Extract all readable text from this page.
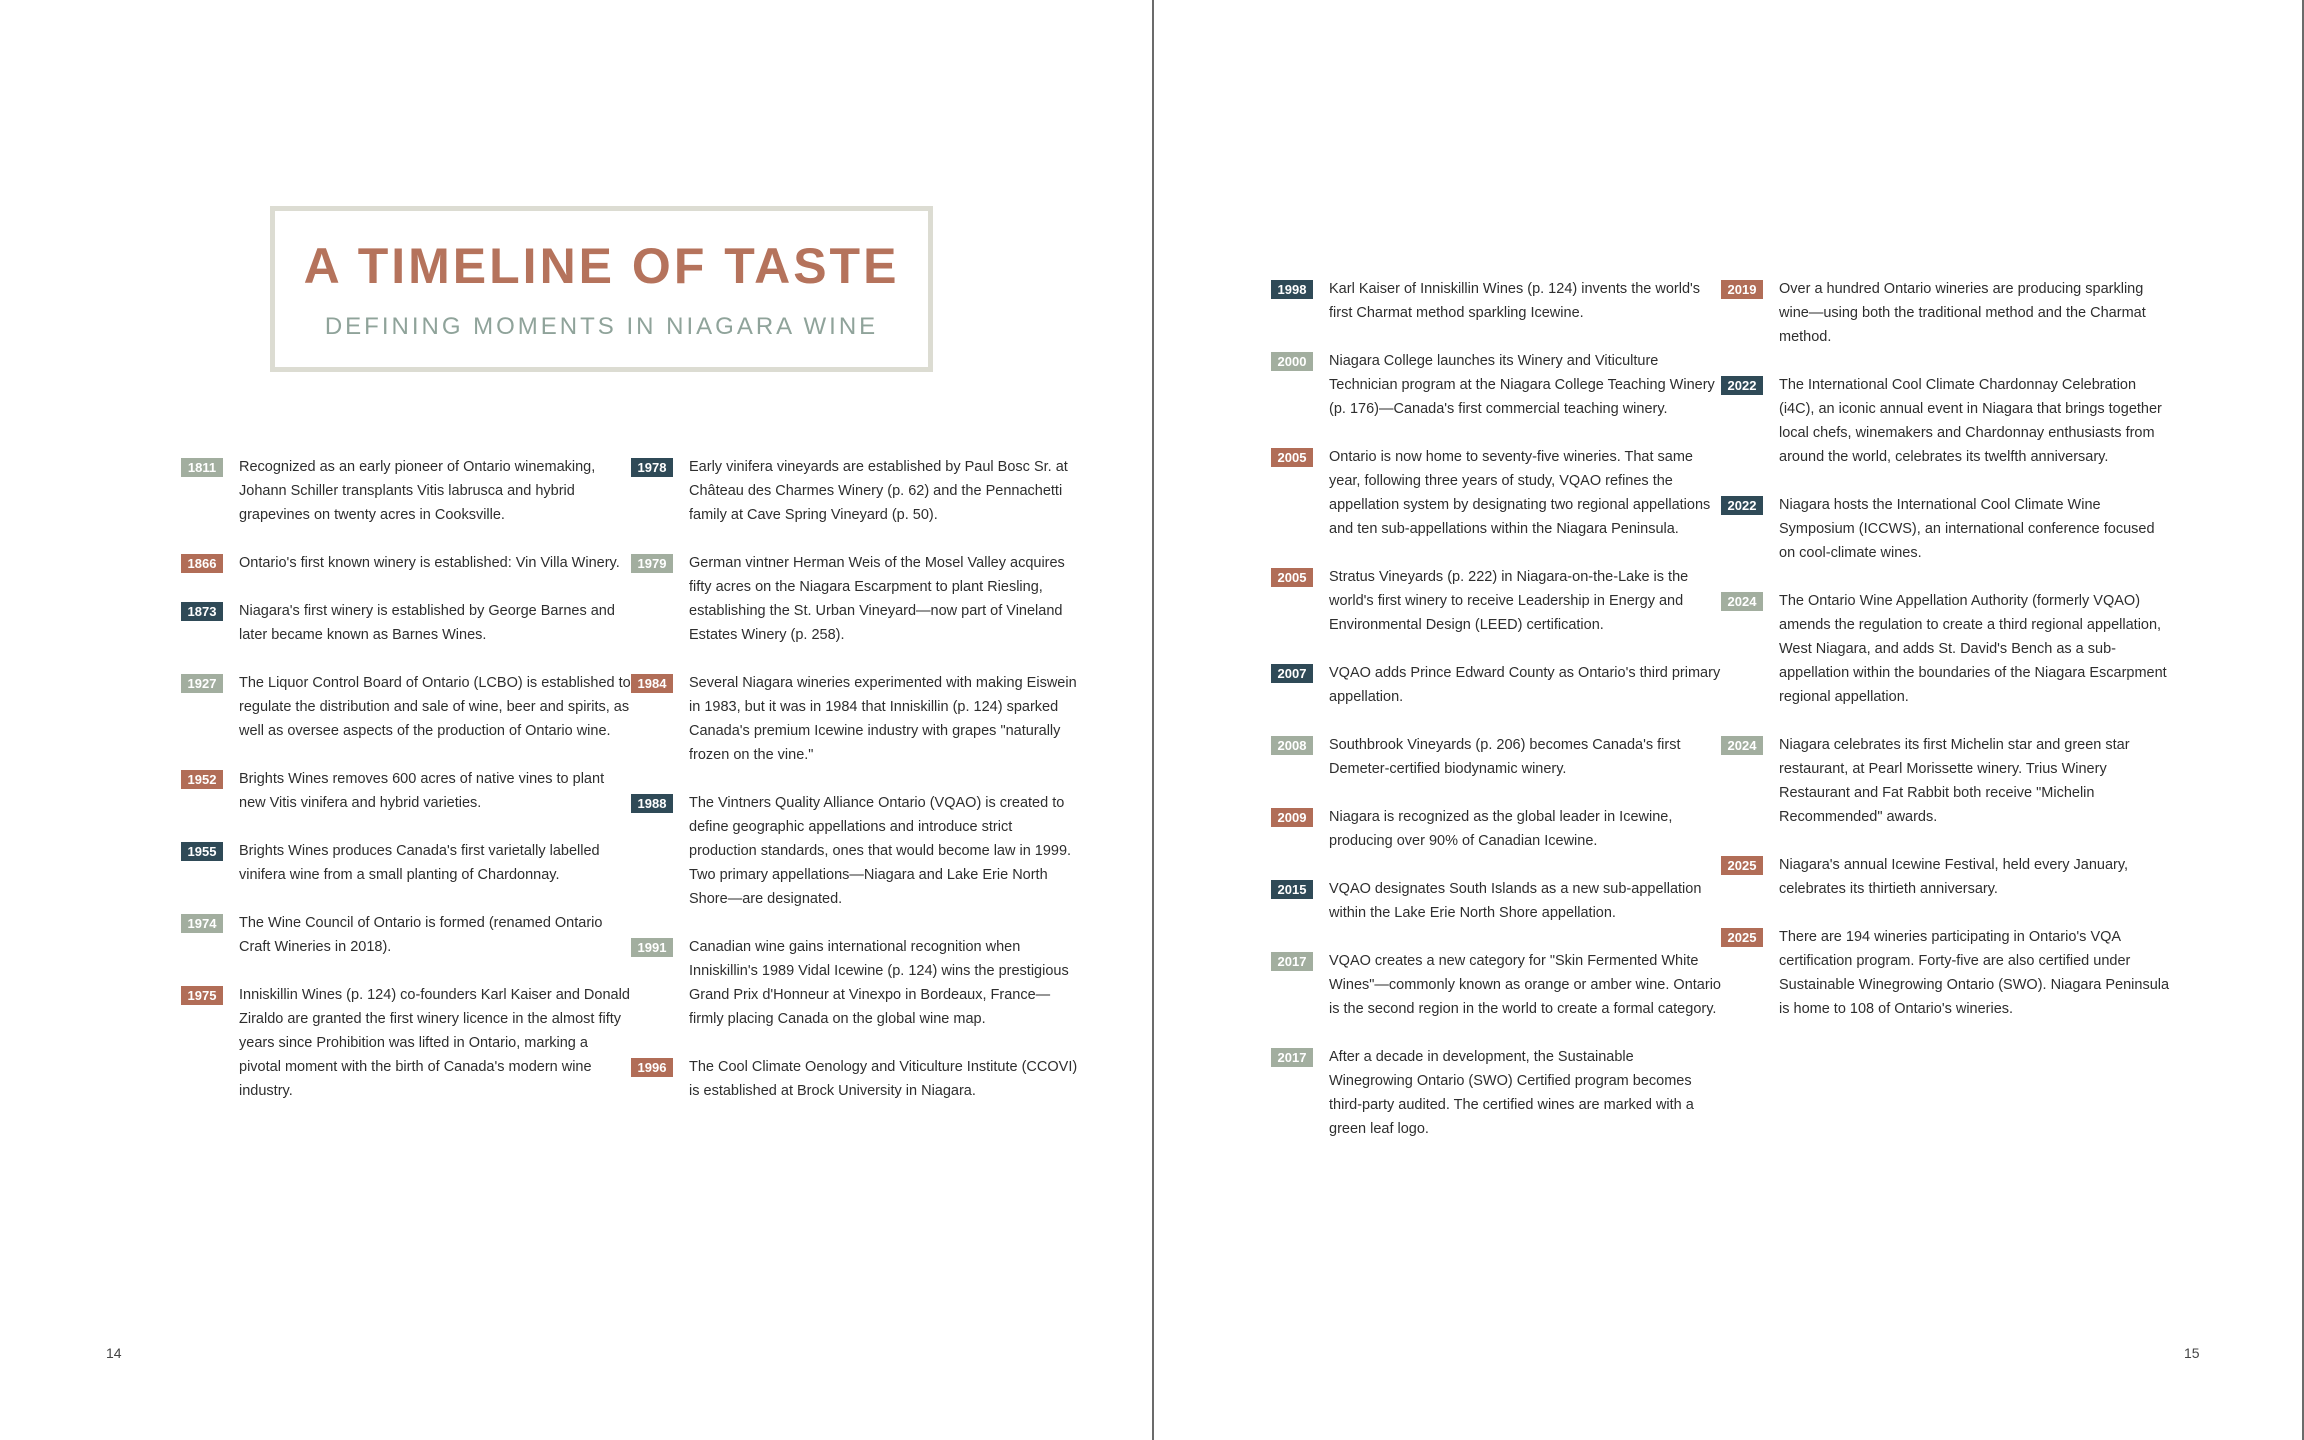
A TIMELINE OF TASTE
DEFINING MOMENTS IN NIAGARA WINE
1811	Recognized as an early pioneer of Ontario winemaking, Johann Schiller transplants Vitis labrusca and hybrid grapevines on twenty acres in Cooksville.
1866	Ontario's first known winery is established: Vin Villa Winery.
1873	Niagara's first winery is established by George Barnes and later became known as Barnes Wines.
1927	The Liquor Control Board of Ontario (LCBO) is established to regulate the distribution and sale of wine, beer and spirits, as well as oversee aspects of the production of Ontario wine.
1952	Brights Wines removes 600 acres of native vines to plant new Vitis vinifera and hybrid varieties.
1955	Brights Wines produces Canada's first varietally labelled vinifera wine from a small planting of Chardonnay.
1974	The Wine Council of Ontario is formed (renamed Ontario Craft Wineries in 2018).
1975	Inniskillin Wines (p. 124) co-founders Karl Kaiser and Donald Ziraldo are granted the first winery licence in the almost fifty years since Prohibition was lifted in Ontario, marking a pivotal moment with the birth of Canada's modern wine industry.
1978	Early vinifera vineyards are established by Paul Bosc Sr. at Château des Charmes Winery (p. 62) and the Pennachetti family at Cave Spring Vineyard (p. 50).
1979	German vintner Herman Weis of the Mosel Valley acquires fifty acres on the Niagara Escarpment to plant Riesling, establishing the St. Urban Vineyard—now part of Vineland Estates Winery (p. 258).
1984	Several Niagara wineries experimented with making Eiswein in 1983, but it was in 1984 that Inniskillin (p. 124) sparked Canada's premium Icewine industry with grapes "naturally frozen on the vine."
1988	The Vintners Quality Alliance Ontario (VQAO) is created to define geographic appellations and introduce strict production standards, ones that would become law in 1999. Two primary appellations—Niagara and Lake Erie North Shore—are designated.
1991	Canadian wine gains international recognition when Inniskillin's 1989 Vidal Icewine (p. 124) wins the prestigious Grand Prix d'Honneur at Vinexpo in Bordeaux, France—firmly placing Canada on the global wine map.
1996	The Cool Climate Oenology and Viticulture Institute (CCOVI) is established at Brock University in Niagara.
1998	Karl Kaiser of Inniskillin Wines (p. 124) invents the world's first Charmat method sparkling Icewine.
2000	Niagara College launches its Winery and Viticulture Technician program at the Niagara College Teaching Winery (p. 176)—Canada's first commercial teaching winery.
2005	Ontario is now home to seventy-five wineries. That same year, following three years of study, VQAO refines the appellation system by designating two regional appellations and ten sub-appellations within the Niagara Peninsula.
2005	Stratus Vineyards (p. 222) in Niagara-on-the-Lake is the world's first winery to receive Leadership in Energy and Environmental Design (LEED) certification.
2007	VQAO adds Prince Edward County as Ontario's third primary appellation.
2008	Southbrook Vineyards (p. 206) becomes Canada's first Demeter-certified biodynamic winery.
2009	Niagara is recognized as the global leader in Icewine, producing over 90% of Canadian Icewine.
2015	VQAO designates South Islands as a new sub-appellation within the Lake Erie North Shore appellation.
2017	VQAO creates a new category for "Skin Fermented White Wines"—commonly known as orange or amber wine. Ontario is the second region in the world to create a formal category.
2017	After a decade in development, the Sustainable Winegrowing Ontario (SWO) Certified program becomes third-party audited. The certified wines are marked with a green leaf logo.
2019	Over a hundred Ontario wineries are producing sparkling wine—using both the traditional method and the Charmat method.
2022	The International Cool Climate Chardonnay Celebration (i4C), an iconic annual event in Niagara that brings together local chefs, winemakers and Chardonnay enthusiasts from around the world, celebrates its twelfth anniversary.
2022	Niagara hosts the International Cool Climate Wine Symposium (ICCWS), an international conference focused on cool-climate wines.
2024	The Ontario Wine Appellation Authority (formerly VQAO) amends the regulation to create a third regional appellation, West Niagara, and adds St. David's Bench as a sub-appellation within the boundaries of the Niagara Escarpment regional appellation.
2024	Niagara celebrates its first Michelin star and green star restaurant, at Pearl Morissette winery. Trius Winery Restaurant and Fat Rabbit both receive "Michelin Recommended" awards.
2025	Niagara's annual Icewine Festival, held every January, celebrates its thirtieth anniversary.
2025	There are 194 wineries participating in Ontario's VQA certification program. Forty-five are also certified under Sustainable Winegrowing Ontario (SWO). Niagara Peninsula is home to 108 of Ontario's wineries.
14	15
